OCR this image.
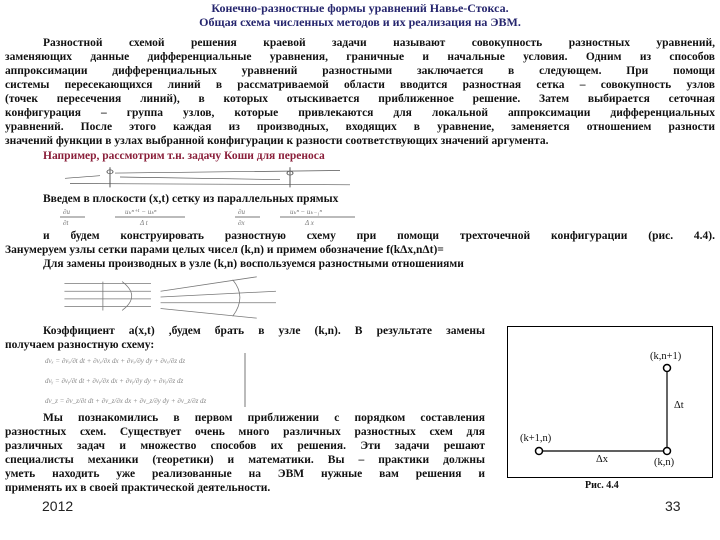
Конечно-разностные формы уравнений Навье-Стокса.
Общая схема численных методов и их реализация на ЭВМ.
Разностной схемой решения краевой задачи называют совокупность разностных уравнений,
заменяющих данные дифференциальные уравнения, граничные и начальные условия. Одним из способов
аппроксимации дифференциальных уравнений разностными заключается в следующем. При помощи
системы пересекающихся линий в рассматриваемой области вводится разностная сетка – совокупность узлов
(точек пересечения линий), в которых отыскивается приближенное решение. Затем выбирается сеточная
конфигурация – группа узлов, которые привлекаются для локальной аппроксимации дифференциальных
уравнений. После этого каждая из производных, входящих в уравнение, заменяется отношением разности
значений функции в узлах выбранной конфигурации к разности соответствующих значений аргумента.
Например, рассмотрим т.н. задачу Коши для переноса
Введем в плоскости (x,t) сетку из параллельных прямых
∂u
∂t
uₖⁿ⁺¹ − uₖⁿ
Δ t
∂u
∂x
uₖⁿ − uₖ₋₁ⁿ
Δ x
и будем конструировать разностную схему при помощи трехточечной конфигурации (рис. 4.4).
Занумеруем узлы сетки парами целых чисел (k,n) и примем обозначение f(kΔx,nΔt)=
Для замены производных в узле (k,n) воспользуемся разностными отношениями
Коэффициент a(x,t) ,будем брать в узле (k,n). В результате замены
получаем разностную схему:
dvₓ = ∂vₓ/∂t dt + ∂vₓ/∂x dx + ∂vₓ/∂y dy + ∂vₓ/∂z dz
dvᵧ = ∂vᵧ/∂t dt + ∂vᵧ/∂x dx + ∂vᵧ/∂y dy + ∂vᵧ/∂z dz
dv_z = ∂v_z/∂t dt + ∂v_z/∂x dx + ∂v_z/∂y dy + ∂v_z/∂z dz
Мы познакомились в первом приближении с порядком составления
разностных схем. Существует очень много различных разностных схем для
различных задач и множество способов их решения. Эти задачи решают
специалисты механики (теоретики) и математики. Вы – практики должны
уметь находить уже реализованные на ЭВМ нужные вам решения и
применять их в своей практической деятельности.
(k,n+1)
(k+1,n)
(k,n)
Δt
Δx
Рис. 4.4
2012	33
